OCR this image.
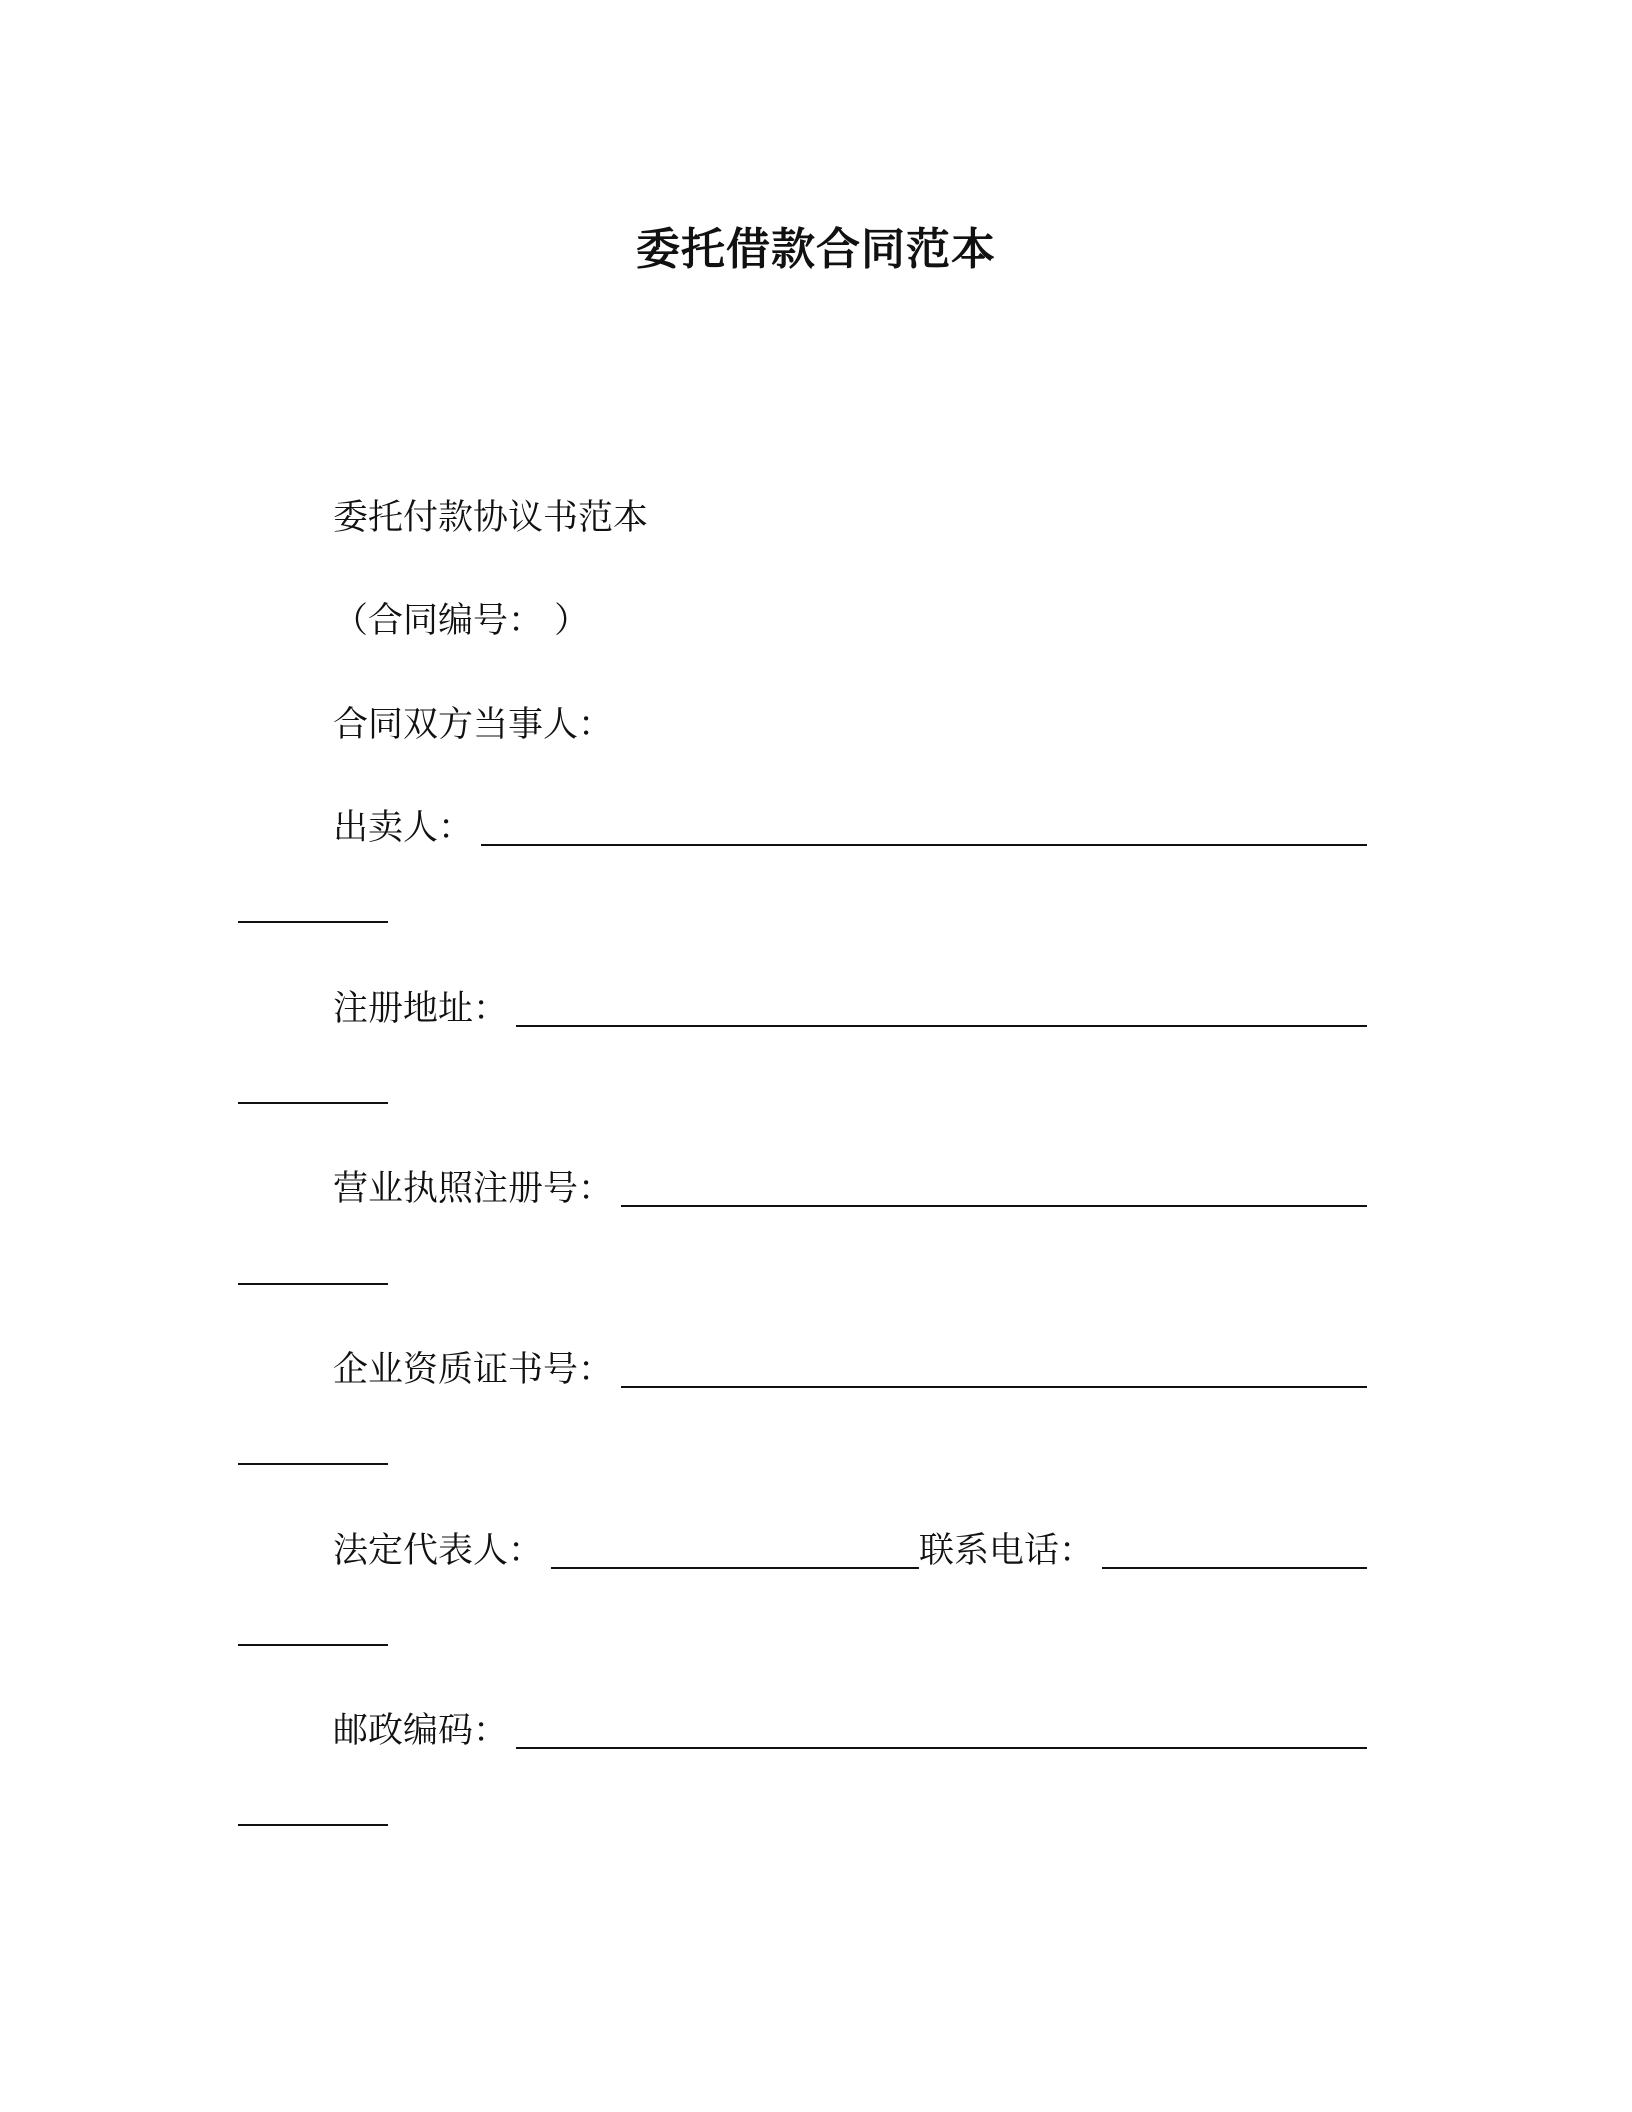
委托借款合同范本
委托付款协议书范本
（合同编号： ）
合同双方当事人：
出卖人：
注册地址：
营业执照注册号：
企业资质证书号：
法定代表人：	联系电话：
邮政编码：
